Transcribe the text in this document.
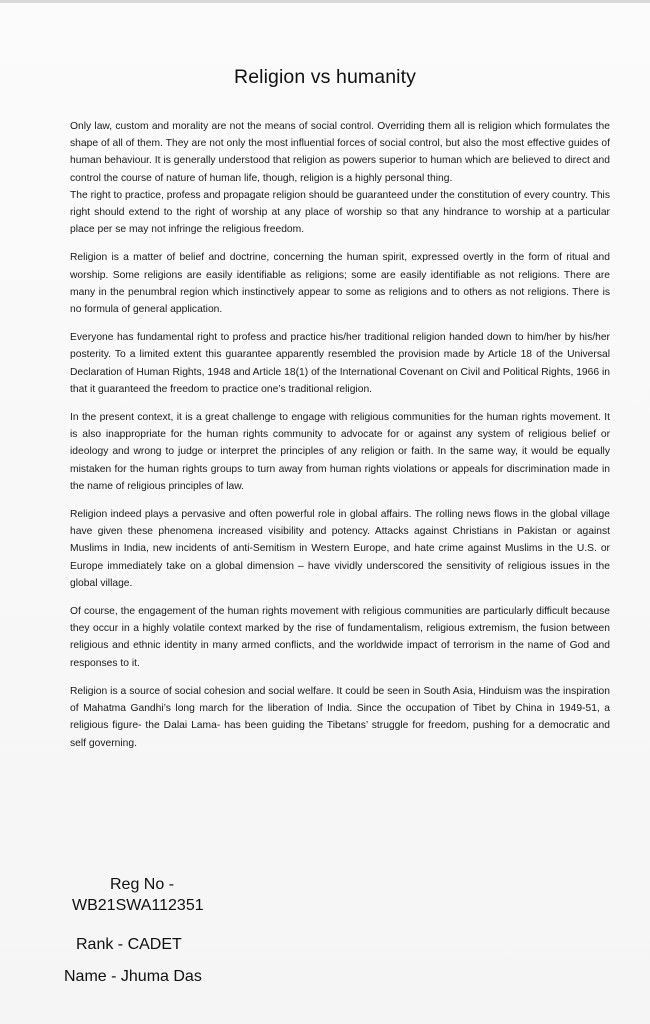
Religion vs humanity

Only law, custom and morality are not the means of social control. Overriding them all is religion which formulates the shape of all of them. They are not only the most influential forces of social control, but also the most effective guides of human behaviour. It is generally understood that religion as powers superior to human which are believed to direct and control the course of nature of human life, though, religion is a highly personal thing.

The right to practice, profess and propagate religion should be guaranteed under the constitution of every country. This right should extend to the right of worship at any place of worship so that any hindrance to worship at a particular place per se may not infringe the religious freedom.

Religion is a matter of belief and doctrine, concerning the human spirit, expressed overtly in the form of ritual and worship. Some religions are easily identifiable as religions; some are easily identifiable as not religions. There are many in the penumbral region which instinctively appear to some as religions and to others as not religions. There is no formula of general application.

Everyone has fundamental right to profess and practice his/her traditional religion handed down to him/her by his/her posterity. To a limited extent this guarantee apparently resembled the provision made by Article 18 of the Universal Declaration of Human Rights, 1948 and Article 18(1) of the International Covenant on Civil and Political Rights, 1966 in that it guaranteed the freedom to practice one’s traditional religion.

In the present context, it is a great challenge to engage with religious communities for the human rights movement. It is also inappropriate for the human rights community to advocate for or against any system of religious belief or ideology and wrong to judge or interpret the principles of any religion or faith. In the same way, it would be equally mistaken for the human rights groups to turn away from human rights violations or appeals for discrimination made in the name of religious principles of law.

Religion indeed plays a pervasive and often powerful role in global affairs. The rolling news flows in the global village have given these phenomena increased visibility and potency. Attacks against Christians in Pakistan or against Muslims in India, new incidents of anti-Semitism in Western Europe, and hate crime against Muslims in the U.S. or Europe immediately take on a global dimension – have vividly underscored the sensitivity of religious issues in the global village.

Of course, the engagement of the human rights movement with religious communities are particularly difficult because they occur in a highly volatile context marked by the rise of fundamentalism, religious extremism, the fusion between religious and ethnic identity in many armed conflicts, and the worldwide impact of terrorism in the name of God and responses to it.

Religion is a source of social cohesion and social welfare. It could be seen in South Asia, Hinduism was the inspiration of Mahatma Gandhi’s long march for the liberation of India. Since the occupation of Tibet by China in 1949-51, a religious figure- the Dalai Lama- has been guiding the Tibetans’ struggle for freedom, pushing for a democratic and self governing.

Reg No -
WB21SWA112351
Rank - CADET
Name - Jhuma Das
